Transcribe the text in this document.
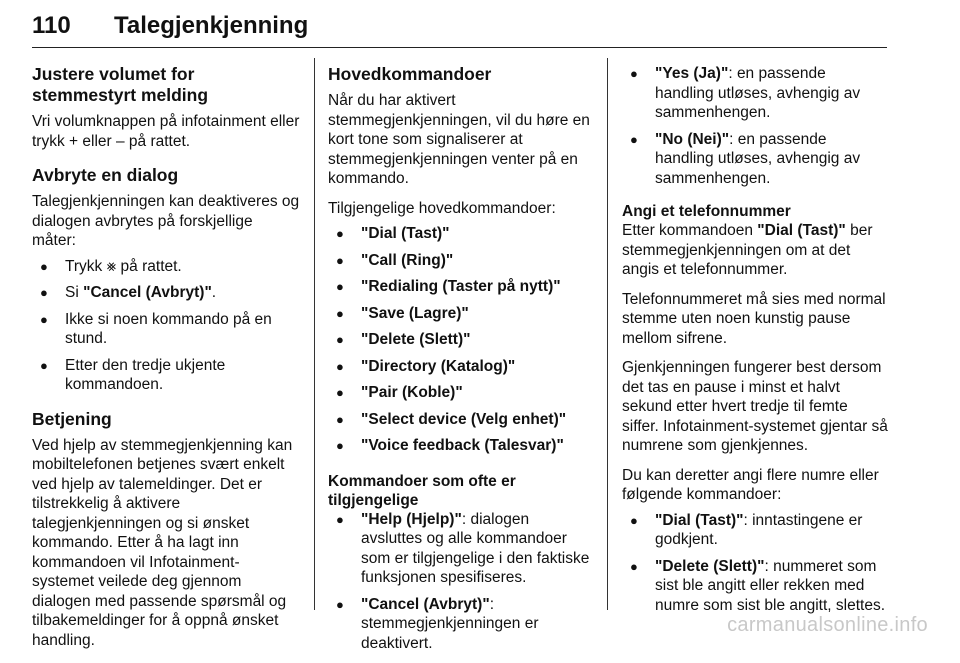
110 Talegjenkjenning
Justere volumet for stemmestyrt melding

Vri volumknappen på infotainment eller trykk + eller – på rattet.

Avbryte en dialog

Talegjenkjenningen kan deaktiveres og dialogen avbrytes på forskjellige måter:

● Trykk ⨳ på rattet.
● Si " Cancel (Avbryt) " .
● Ikke si noen kommando på en stund.
● Etter den tredje ukjente kommandoen.
Betjening

Ved hjelp av stemmegjenkjenning kan mobiltelefonen betjenes svært enkelt ved hjelp av talemeldinger. Det er tilstrekkelig å aktivere talegjenkjenningen og si ønsket kommando. Etter å ha lagt inn kommandoen vil Infotainment-systemet veilede deg gjennom dialogen med passende spørsmål og tilbakemeldinger for å oppnå ønsket handling.

Hovedkommandoer

Når du har aktivert stemmegjenkjenningen, vil du høre en kort tone som signaliserer at stemmegjenkjenningen venter på en kommando.

Tilgjengelige hovedkommandoer:

● " Dial (Tast) "
● " Call (Ring) "
● " Redialing (Taster på nytt) "
● " Save (Lagre) "
● " Delete (Slett) "
● " Directory (Katalog) "
● " Pair (Koble) "
● " Select device (Velg enhet) "
● " Voice feedback (Talesvar) "
Kommandoer som ofte er tilgjengelige
● " Help (Hjelp) " : dialogen avsluttes og alle kommandoer som er tilgjengelige i den faktiske funksjonen spesifiseres.
● " Cancel (Avbryt) " : stemmegjenkjenningen er deaktivert.
● " Yes (Ja) " : en passende handling utløses, avhengig av sammenhengen.
● " No (Nei) " : en passende handling utløses, avhengig av sammenhengen.
Angi et telefonnummer

Etter kommandoen " Dial (Tast) " ber stemmegjenkjenningen om at det angis et telefonnummer.

Telefonnummeret må sies med normal stemme uten noen kunstig pause mellom sifrene.

Gjenkjenningen fungerer best dersom det tas en pause i minst et halvt sekund etter hvert tredje til femte siffer. Infotainment-systemet gjentar så numrene som gjenkjennes.

Du kan deretter angi flere numre eller følgende kommandoer:

● " Dial (Tast) " : inntastingene er godkjent.
● " Delete (Slett) " : nummeret som sist ble angitt eller rekken med numre som sist ble angitt, slettes.
carmanualsonline.info
